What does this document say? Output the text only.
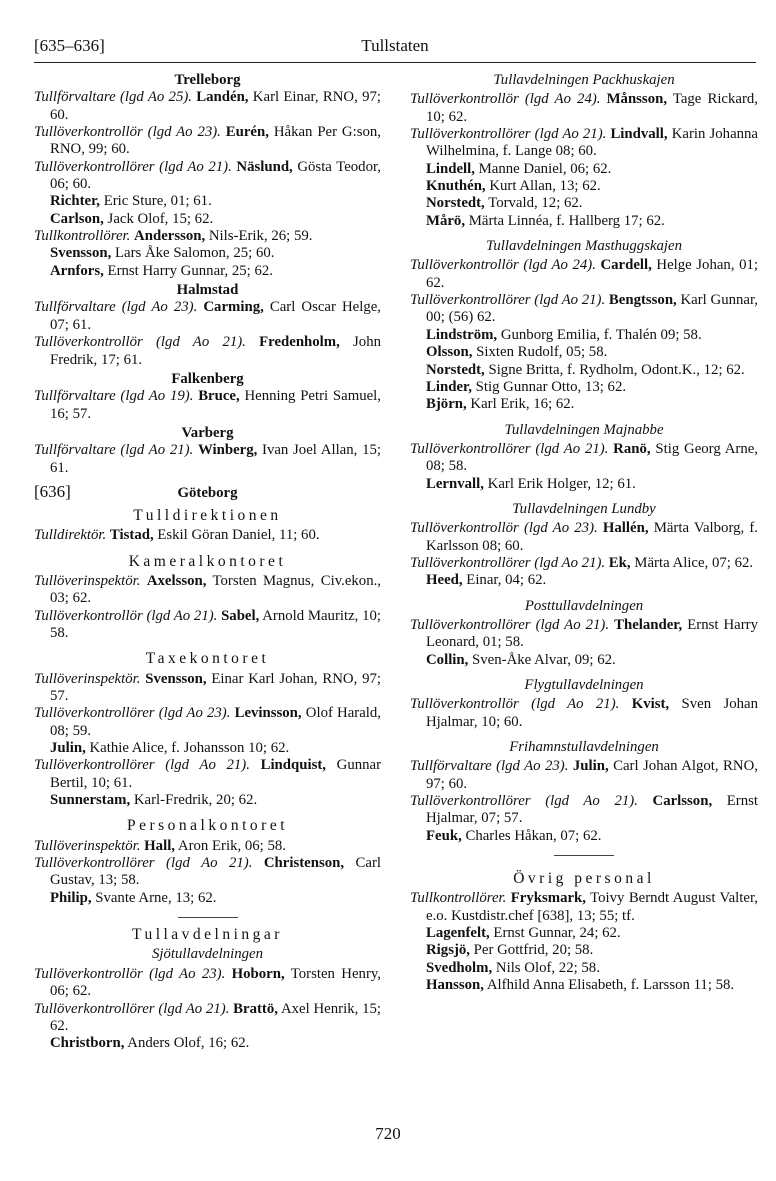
[635–636]	Tullstaten
Trelleborg

Tullförvaltare (lgd Ao 25). Landén, Karl Einar, RNO, 97; 60.

Tullöverkontrollör (lgd Ao 23). Eurén, Håkan Per G:son, RNO, 99; 60.

Tullöverkontrollörer (lgd Ao 21). Näslund, Gösta Teodor, 06; 60.

Richter, Eric Sture, 01; 61.

Carlson, Jack Olof, 15; 62.

Tullkontrollörer. Andersson, Nils-Erik, 26; 59.

Svensson, Lars Åke Salomon, 25; 60.

Arnfors, Ernst Harry Gunnar, 25; 62.

Halmstad

Tullförvaltare (lgd Ao 23). Carming, Carl Oscar Helge, 07; 61.

Tullöverkontrollör (lgd Ao 21). Fredenholm, John Fredrik, 17; 61.

Falkenberg

Tullförvaltare (lgd Ao 19). Bruce, Henning Petri Samuel, 16; 57.

Varberg

Tullförvaltare (lgd Ao 21). Winberg, Ivan Joel Allan, 15; 61.

[636]	Göteborg
Tulldirektionen

Tulldirektör. Tistad, Eskil Göran Daniel, 11; 60.

Kameralkontoret

Tullöverinspektör. Axelsson, Torsten Magnus, Civ.ekon., 03; 62.

Tullöverkontrollör (lgd Ao 21). Sabel, Arnold Mauritz, 10; 58.

Taxekontoret

Tullöverinspektör. Svensson, Einar Karl Johan, RNO, 97; 57.

Tullöverkontrollörer (lgd Ao 23). Levinsson, Olof Harald, 08; 59.

Julin, Kathie Alice, f. Johansson 10; 62.

Tullöverkontrollörer (lgd Ao 21). Lindquist, Gunnar Bertil, 10; 61.

Sunnerstam, Karl-Fredrik, 20; 62.

Personalkontoret

Tullöverinspektör. Hall, Aron Erik, 06; 58.

Tullöverkontrollörer (lgd Ao 21). Christenson, Carl Gustav, 13; 58.

Philip, Svante Arne, 13; 62.

Tullavdelningar
Sjötullavdelningen

Tullöverkontrollör (lgd Ao 23). Hoborn, Torsten Henry, 06; 62.

Tullöverkontrollörer (lgd Ao 21). Brattö, Axel Henrik, 15; 62.

Christborn, Anders Olof, 16; 62.

Tullavdelningen Packhuskajen

Tullöverkontrollör (lgd Ao 24). Månsson, Tage Rickard, 10; 62.

Tullöverkontrollörer (lgd Ao 21). Lindvall, Karin Johanna Wilhelmina, f. Lange 08; 60.

Lindell, Manne Daniel, 06; 62.

Knuthén, Kurt Allan, 13; 62.

Norstedt, Torvald, 12; 62.

Mårö, Märta Linnéa, f. Hallberg 17; 62.

Tullavdelningen Masthuggskajen

Tullöverkontrollör (lgd Ao 24). Cardell, Helge Johan, 01; 62.

Tullöverkontrollörer (lgd Ao 21). Bengtsson, Karl Gunnar, 00; (56) 62.

Lindström, Gunborg Emilia, f. Thalén 09; 58.

Olsson, Sixten Rudolf, 05; 58.

Norstedt, Signe Britta, f. Rydholm, Odont.K., 12; 62.

Linder, Stig Gunnar Otto, 13; 62.

Björn, Karl Erik, 16; 62.

Tullavdelningen Majnabbe

Tullöverkontrollörer (lgd Ao 21). Ranö, Stig Georg Arne, 08; 58.

Lernvall, Karl Erik Holger, 12; 61.

Tullavdelningen Lundby

Tullöverkontrollör (lgd Ao 23). Hallén, Märta Valborg, f. Karlsson 08; 60.

Tullöverkontrollörer (lgd Ao 21). Ek, Märta Alice, 07; 62.

Heed, Einar, 04; 62.

Posttullavdelningen

Tullöverkontrollörer (lgd Ao 21). Thelander, Ernst Harry Leonard, 01; 58.

Collin, Sven-Åke Alvar, 09; 62.

Flygtullavdelningen

Tullöverkontrollör (lgd Ao 21). Kvist, Sven Johan Hjalmar, 10; 60.

Frihamnstullavdelningen

Tullförvaltare (lgd Ao 23). Julin, Carl Johan Algot, RNO, 97; 60.

Tullöverkontrollörer (lgd Ao 21). Carlsson, Ernst Hjalmar, 07; 57.

Feuk, Charles Håkan, 07; 62.

Övrig personal

Tullkontrollörer. Fryksmark, Toivy Berndt August Valter, e.o. Kustdistr.chef [638], 13; 55; tf.

Lagenfelt, Ernst Gunnar, 24; 62.

Rigsjö, Per Gottfrid, 20; 58.

Svedholm, Nils Olof, 22; 58.

Hansson, Alfhild Anna Elisabeth, f. Larsson 11; 58.

720
